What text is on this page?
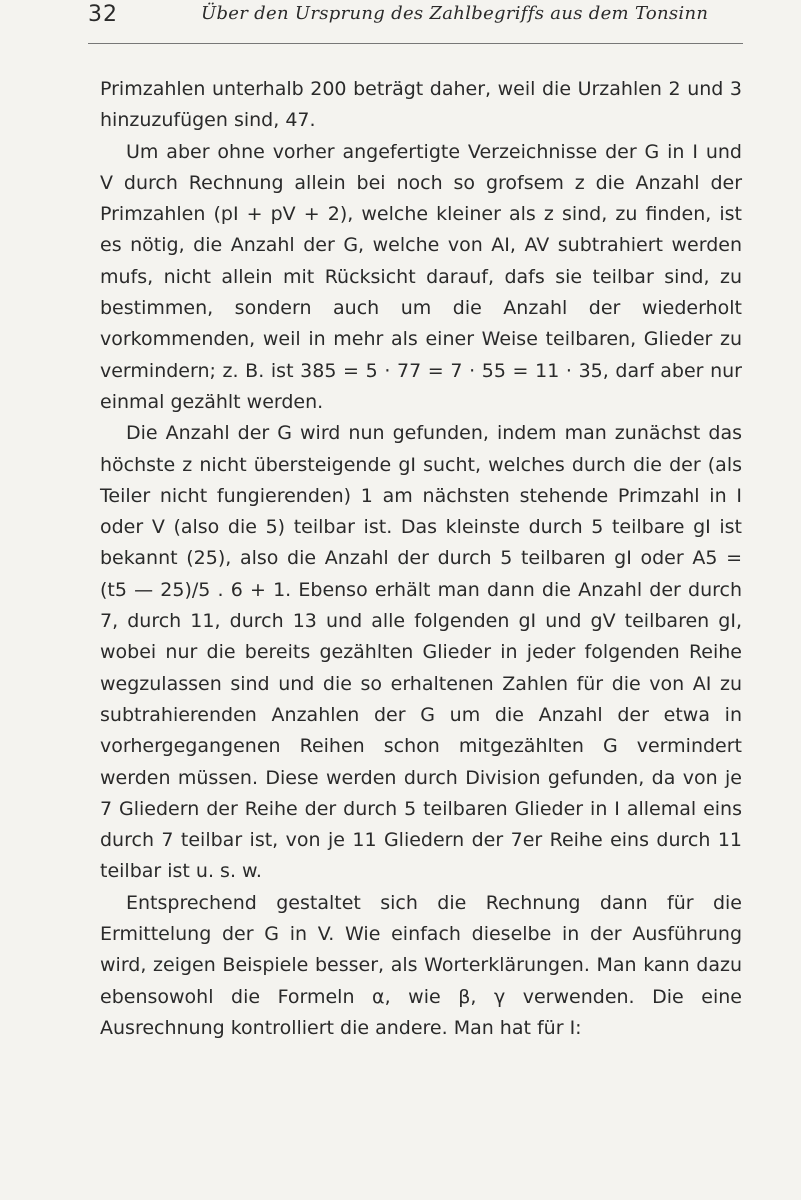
32	Über den Ursprung des Zahlbegriffs aus dem Tonsinn

Primzahlen unterhalb 200 beträgt daher, weil die Urzahlen 2 und 3 hinzuzufügen sind, 47.

Um aber ohne vorher angefertigte Verzeichnisse der G in I und V durch Rechnung allein bei noch so grofsem z die Anzahl der Primzahlen (pI + pV + 2), welche kleiner als z sind, zu finden, ist es nötig, die Anzahl der G, welche von AI, AV subtrahiert werden mufs, nicht allein mit Rücksicht darauf, dafs sie teilbar sind, zu bestimmen, sondern auch um die Anzahl der wiederholt vorkommenden, weil in mehr als einer Weise teilbaren, Glieder zu vermindern; z. B. ist 385 = 5 · 77 = 7 · 55 = 11 · 35, darf aber nur einmal gezählt werden.

Die Anzahl der G wird nun gefunden, indem man zunächst das höchste z nicht übersteigende gI sucht, welches durch die der (als Teiler nicht fungierenden) 1 am nächsten stehende Primzahl in I oder V (also die 5) teilbar ist. Das kleinste durch 5 teilbare gI ist bekannt (25), also die Anzahl der durch 5 teilbaren gI oder A5 = (t5 — 25)/5 . 6 + 1. Ebenso erhält man dann die Anzahl der durch 7, durch 11, durch 13 und alle folgenden gI und gV teilbaren gI, wobei nur die bereits gezählten Glieder in jeder folgenden Reihe wegzulassen sind und die so erhaltenen Zahlen für die von AI zu subtrahierenden Anzahlen der G um die Anzahl der etwa in vorhergegangenen Reihen schon mitgezählten G vermindert werden müssen. Diese werden durch Division gefunden, da von je 7 Gliedern der Reihe der durch 5 teilbaren Glieder in I allemal eins durch 7 teilbar ist, von je 11 Gliedern der 7er Reihe eins durch 11 teilbar ist u. s. w.

Entsprechend gestaltet sich die Rechnung dann für die Ermittelung der G in V. Wie einfach dieselbe in der Ausführung wird, zeigen Beispiele besser, als Worterklärungen. Man kann dazu ebensowohl die Formeln α, wie β, γ verwenden. Die eine Ausrechnung kontrolliert die andere. Man hat für I:
